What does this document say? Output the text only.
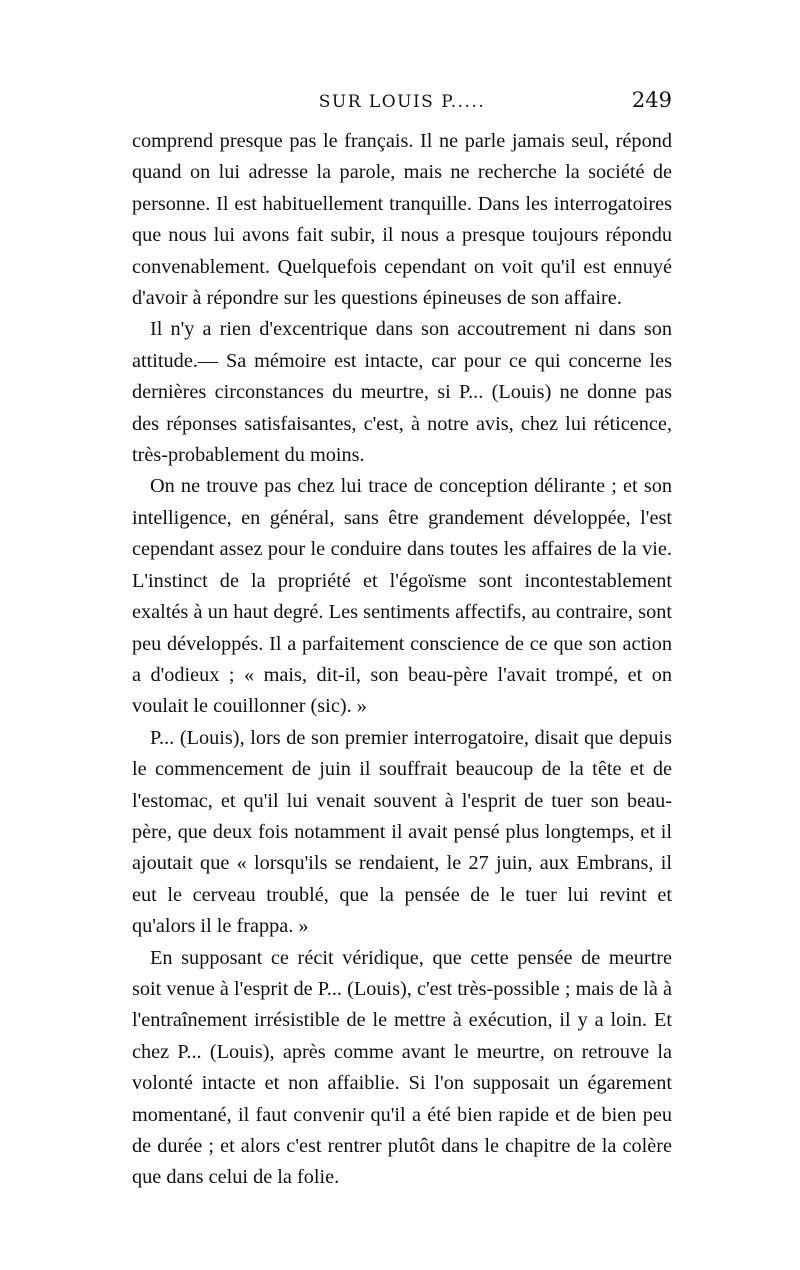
SUR LOUIS P.....	249

comprend presque pas le français. Il ne parle jamais seul, répond quand on lui adresse la parole, mais ne recherche la société de personne. Il est habituellement tranquille. Dans les interrogatoires que nous lui avons fait subir, il nous a presque toujours répondu convenablement. Quelquefois cependant on voit qu'il est ennuyé d'avoir à répondre sur les questions épineuses de son affaire.

Il n'y a rien d'excentrique dans son accoutrement ni dans son attitude.— Sa mémoire est intacte, car pour ce qui concerne les dernières circonstances du meurtre, si P... (Louis) ne donne pas des réponses satisfaisantes, c'est, à notre avis, chez lui réticence, très-probablement du moins.

On ne trouve pas chez lui trace de conception délirante ; et son intelligence, en général, sans être grandement développée, l'est cependant assez pour le conduire dans toutes les affaires de la vie. L'instinct de la propriété et l'égoïsme sont incontestablement exaltés à un haut degré. Les sentiments affectifs, au contraire, sont peu développés. Il a parfaitement conscience de ce que son action a d'odieux ; « mais, dit-il, son beau-père l'avait trompé, et on voulait le couillonner (sic). »

P... (Louis), lors de son premier interrogatoire, disait que depuis le commencement de juin il souffrait beaucoup de la tête et de l'estomac, et qu'il lui venait souvent à l'esprit de tuer son beau-père, que deux fois notamment il avait pensé plus longtemps, et il ajoutait que « lorsqu'ils se rendaient, le 27 juin, aux Embrans, il eut le cerveau troublé, que la pensée de le tuer lui revint et qu'alors il le frappa. »

En supposant ce récit véridique, que cette pensée de meurtre soit venue à l'esprit de P... (Louis), c'est très-possible ; mais de là à l'entraînement irrésistible de le mettre à exécution, il y a loin. Et chez P... (Louis), après comme avant le meurtre, on retrouve la volonté intacte et non affaiblie. Si l'on supposait un égarement momentané, il faut convenir qu'il a été bien rapide et de bien peu de durée ; et alors c'est rentrer plutôt dans le chapitre de la colère que dans celui de la folie.
